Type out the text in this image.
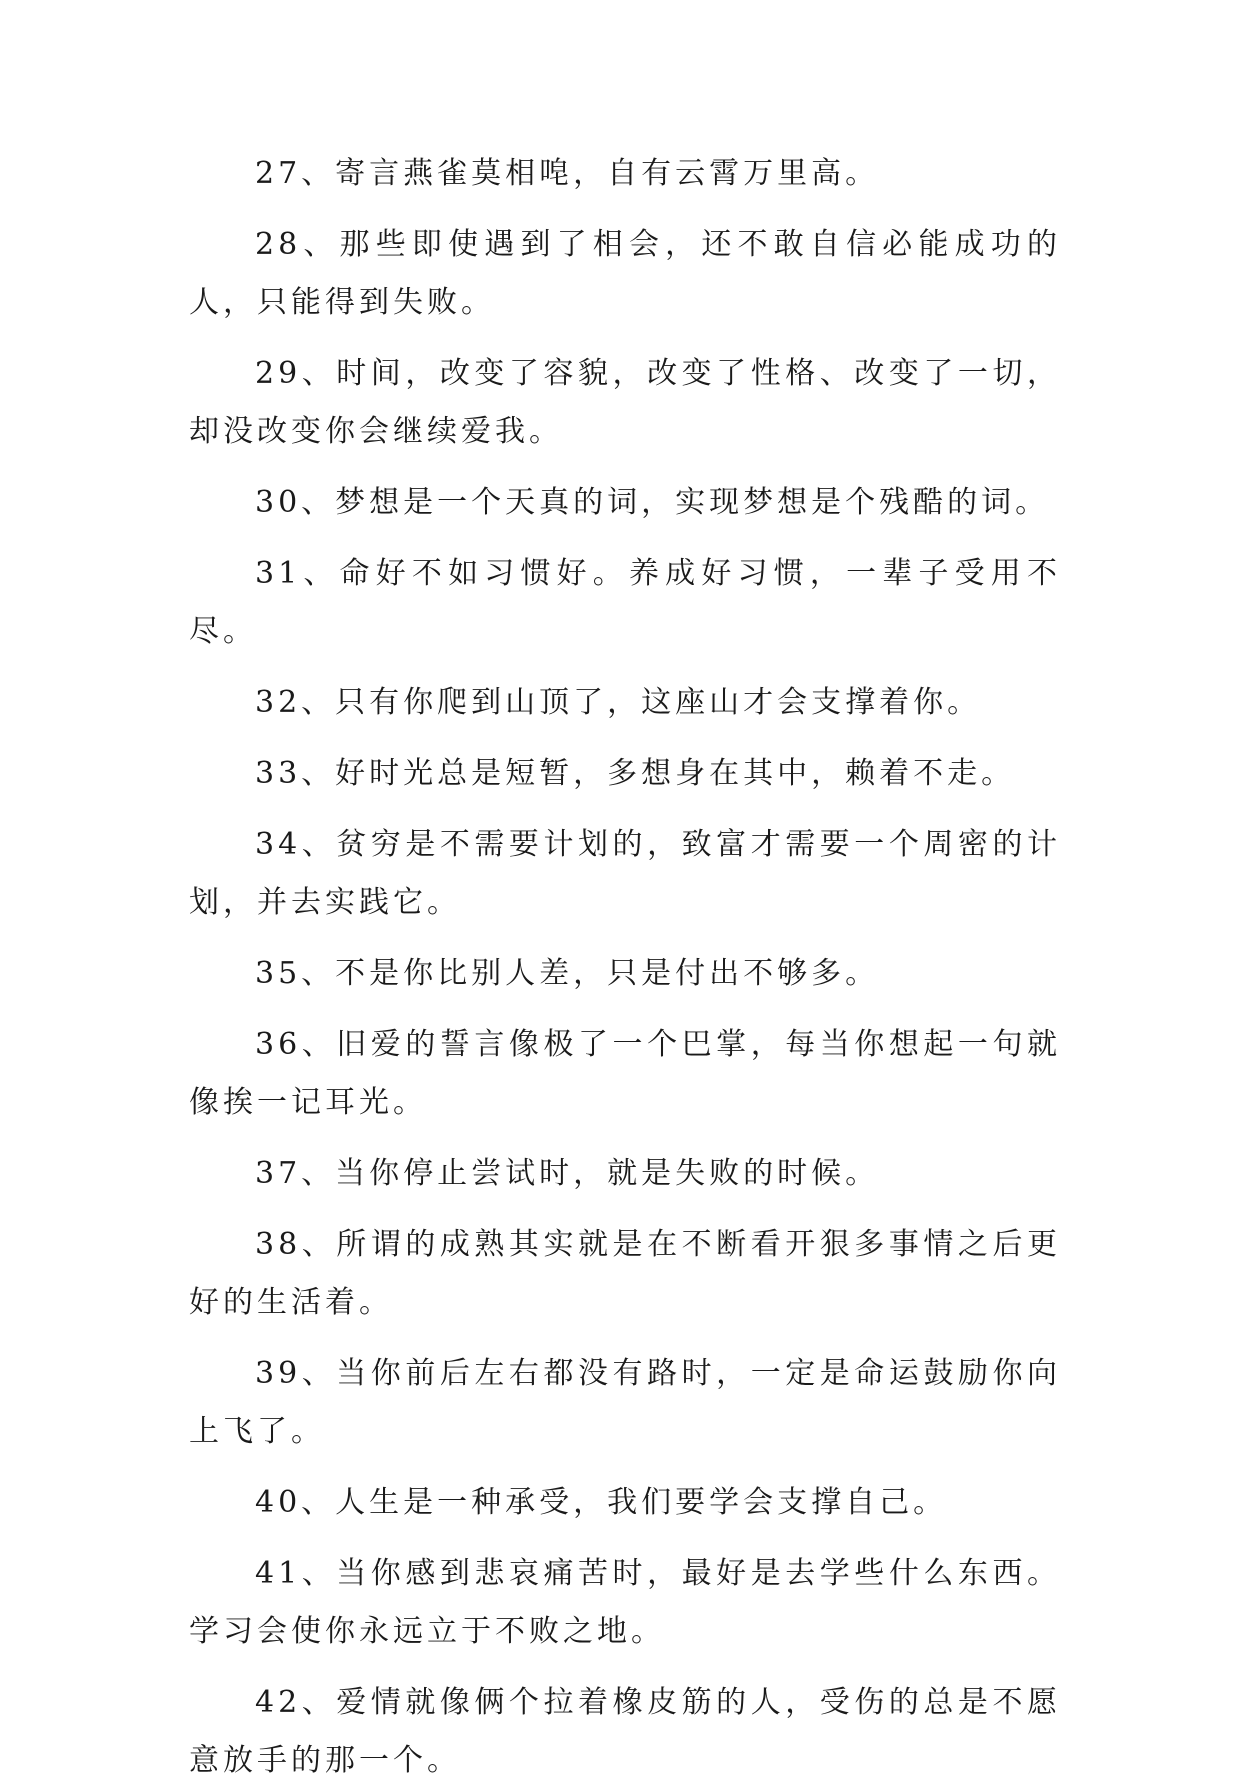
27、寄言燕雀莫相唣，自有云霄万里高。

28、那些即使遇到了相会，还不敢自信必能成功的人，只能得到失败。

29、时间，改变了容貌，改变了性格、改变了一切，却没改变你会继续爱我。

30、梦想是一个天真的词，实现梦想是个残酷的词。

31、命好不如习惯好。养成好习惯，一辈子受用不尽。

32、只有你爬到山顶了，这座山才会支撑着你。

33、好时光总是短暂，多想身在其中，赖着不走。

34、贫穷是不需要计划的，致富才需要一个周密的计划，并去实践它。

35、不是你比别人差，只是付出不够多。

36、旧爱的誓言像极了一个巴掌，每当你想起一句就像挨一记耳光。

37、当你停止尝试时，就是失败的时候。

38、所谓的成熟其实就是在不断看开狠多事情之后更好的生活着。

39、当你前后左右都没有路时，一定是命运鼓励你向上飞了。

40、人生是一种承受，我们要学会支撑自己。

41、当你感到悲哀痛苦时，最好是去学些什么东西。学习会使你永远立于不败之地。

42、爱情就像俩个拉着橡皮筋的人，受伤的总是不愿意放手的那一个。
